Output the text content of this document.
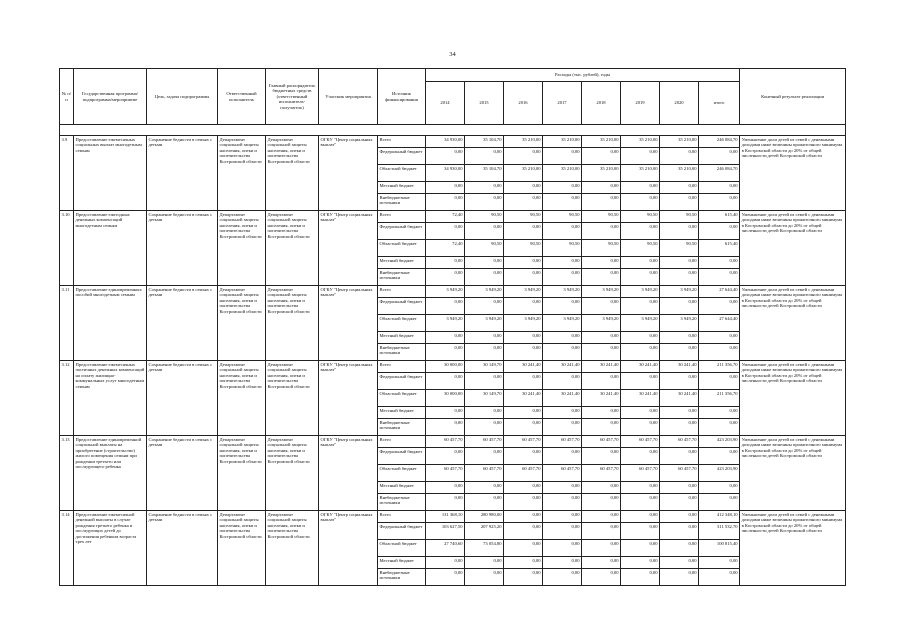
34
№ п/п	Государственная программа/подпрограмма/мероприятие	Цель, задача подпрограммы	Ответственный исполнитель	Главный распорядитель бюджетных средств (ответственный исполнитель-получатель)	Участник мероприятия	Источник финансирования	Расходы (тыс. рублей), годы								Конечный результат реализации
							2014	2015	2016	2017	2018	2019	2020	итого	

3.9	Предоставление ежемесячных социальных выплат многодетным семьям	Сохранение бедности в семьях с детьми	Департамент социальной защиты населения, опеки и попечительства Костромской области	Департамент социальной защиты населения, опеки и попечительства Костромской области	ОГКУ "Центр социальных выплат"	Всего	34 930,00	35 104,70	35 210,00	35 210,00	35 210,00	35 210,00	35 210,00	246 084,70	Уменьшение доли детей из семей с денежными доходами ниже величины прожиточного минимума в Костромской области до 20% от общей численности детей Костромской области
						Федеральный бюджет	0,00	0,00	0,00	0,00	0,00	0,00	0,00	0,00	
						Областной бюджет	34 930,00	35 104,70	35 210,00	35 210,00	35 210,00	35 210,00	35 210,00	246 084,70	
						Местный бюджет	0,00	0,00	0,00	0,00	0,00	0,00	0,00	0,00	
						Внебюджетные источники	0,00	0,00	0,00	0,00	0,00	0,00	0,00	0,00	
3.10	Предоставление ежегодных денежных компенсаций многодетным семьям	Сохранение бедности в семьях с детьми	Департамент социальной защиты населения, опеки и попечительства Костромской области	Департамент социальной защиты населения, опеки и попечительства Костромской области	ОГКУ "Центр социальных выплат"	Всего	72,40	90,50	90,50	90,50	90,50	90,50	90,50	615,40	Уменьшение доли детей из семей с денежными доходами ниже величины прожиточного минимума в Костромской области до 20% от общей численности детей Костромской области
						Федеральный бюджет	0,00	0,00	0,00	0,00	0,00	0,00	0,00	0,00	
						Областной бюджет	72,40	90,50	90,50	90,50	90,50	90,50	90,50	615,40	
						Местный бюджет	0,00	0,00	0,00	0,00	0,00	0,00	0,00	0,00	
						Внебюджетные источники	0,00	0,00	0,00	0,00	0,00	0,00	0,00	0,00	
3.11	Предоставление единовременных пособий многодетным семьям	Сохранение бедности в семьях с детьми	Департамент социальной защиты населения, опеки и попечительства Костромской области	Департамент социальной защиты населения, опеки и попечительства Костромской области	ОГКУ "Центр социальных выплат"	Всего	3 949,20	3 949,20	3 949,20	3 949,20	3 949,20	3 949,20	3 949,20	27 644,40	Уменьшение доли детей из семей с денежными доходами ниже величины прожиточного минимума в Костромской области до 20% от общей численности детей Костромской области
						Федеральный бюджет	0,00	0,00	0,00	0,00	0,00	0,00	0,00	0,00	
						Областной бюджет	3 949,20	3 949,20	3 949,20	3 949,20	3 949,20	3 949,20	3 949,20	27 644,40	
						Местный бюджет	0,00	0,00	0,00	0,00	0,00	0,00	0,00	0,00	
						Внебюджетные источники	0,00	0,00	0,00	0,00	0,00	0,00	0,00	0,00	
3.12	Предоставление ежемесячных частичных денежных компенсаций на оплату жилищно-коммунальных услуг многодетным семьям	Сохранение бедности в семьях с детьми	Департамент социальной защиты населения, опеки и попечительства Костромской области	Департамент социальной защиты населения, опеки и попечительства Костромской области	ОГКУ "Центр социальных выплат"	Всего	30 000,00	30 149,70	30 241,40	30 241,40	30 241,40	30 241,40	30 241,40	211 356,70	Уменьшение доли детей из семей с денежными доходами ниже величины прожиточного минимума в Костромской области до 20% от общей численности детей Костромской области
						Федеральный бюджет	0,00	0,00	0,00	0,00	0,00	0,00	0,00	0,00	
						Областной бюджет	30 000,00	30 149,70	30 241,40	30 241,40	30 241,40	30 241,40	30 241,40	211 356,70	
						Местный бюджет	0,00	0,00	0,00	0,00	0,00	0,00	0,00	0,00	
						Внебюджетные источники	0,00	0,00	0,00	0,00	0,00	0,00	0,00	0,00	
3.13	Предоставление единовременной социальной выплаты на приобретение (строительство) жилого помещения семьям при рождении третьего или последующего ребенка	Сохранение бедности в семьях с детьми	Департамент социальной защиты населения, опеки и попечительства Костромской области	Департамент социальной защиты населения, опеки и попечительства Костромской области	ОГКУ "Центр социальных выплат"	Всего	60 457,70	60 457,70	60 457,70	60 457,70	60 457,70	60 457,70	60 457,70	423 203,90	Уменьшение доли детей из семей с денежными доходами ниже величины прожиточного минимума в Костромской области до 20% от общей численности детей Костромской области
						Федеральный бюджет	0,00	0,00	0,00	0,00	0,00	0,00	0,00	0,00	
						Областной бюджет	60 457,70	60 457,70	60 457,70	60 457,70	60 457,70	60 457,70	60 457,70	423 203,90	
						Местный бюджет	0,00	0,00	0,00	0,00	0,00	0,00	0,00	0,00	
						Внебюджетные источники	0,00	0,00	0,00	0,00	0,00	0,00	0,00	0,00	
3.14	Предоставление ежемесячной денежной выплаты в случае рождения третьего ребенка и последующих детей до достижения ребенком возраста трех лет	Сохранение бедности в семьях с детьми	Департамент социальной защиты населения, опеки и попечительства Костромской области	Департамент социальной защиты населения, опеки и попечительства Костромской области	ОГКУ "Центр социальных выплат"	Всего	131 368,10	280 980,00	0,00	0,00	0,00	0,00	0,00	412 348,10	Уменьшение доли детей из семей с денежными доходами ниже величины прожиточного минимума в Костромской области до 20% от общей численности детей Костромской области
						Федеральный бюджет	103 627,50	207 925,20	0,00	0,00	0,00	0,00	0,00	311 532,70	
						Областной бюджет	27 740,60	73 054,80	0,00	0,00	0,00	0,00	0,00	100 815,40	
						Местный бюджет	0,00	0,00	0,00	0,00	0,00	0,00	0,00	0,00	
						Внебюджетные источники	0,00	0,00	0,00	0,00	0,00	0,00	0,00	0,00	
